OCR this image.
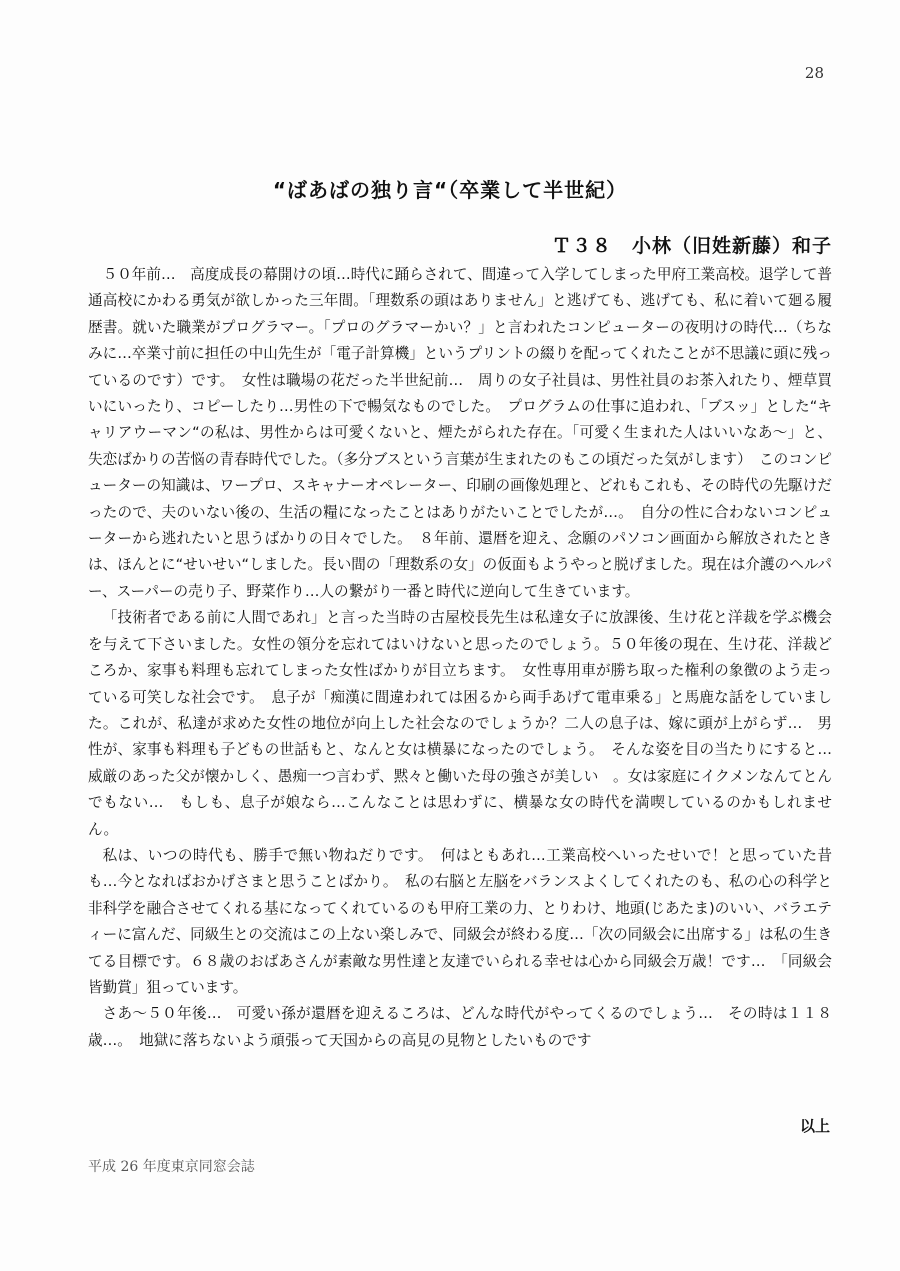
28
“ばあばの独り言“（卒業して半世紀）
Ｔ３８　小林（旧姓新藤）和子

５０年前…　高度成長の幕開けの頃…時代に踊らされて、間違って入学してしまった甲府工業高校。退学して普通高校にかわる勇気が欲しかった三年間。「理数系の頭はありません」と逃げても、逃げても、私に着いて廻る履歴書。就いた職業がプログラマー。「プロのグラマーかい？」と言われたコンピューターの夜明けの時代…（ちなみに…卒業寸前に担任の中山先生が「電子計算機」というプリントの綴りを配ってくれたことが不思議に頭に残っているのです）です。　女性は職場の花だった半世紀前…　周りの女子社員は、男性社員のお茶入れたり、煙草買いにいったり、コピーしたり…男性の下で暢気なものでした。　プログラムの仕事に追われ、「ブスッ」とした“キャリアウーマン“の私は、男性からは可愛くないと、煙たがられた存在。「可愛く生まれた人はいいなあ～」と、失恋ばかりの苦悩の青春時代でした。（多分ブスという言葉が生まれたのもこの頃だった気がします）　このコンピューターの知識は、ワープロ、スキャナーオペレーター、印刷の画像処理と、どれもこれも、その時代の先駆けだったので、夫のいない後の、生活の糧になったことはありがたいことでしたが…。　自分の性に合わないコンピューターから逃れたいと思うばかりの日々でした。　８年前、還暦を迎え、念願のパソコン画面から解放されたときは、ほんとに“せいせい“しました。長い間の「理数系の女」の仮面もようやっと脱げました。現在は介護のヘルパー、スーパーの売り子、野菜作り…人の繋がり一番と時代に逆向して生きています。

「技術者である前に人間であれ」と言った当時の古屋校長先生は私達女子に放課後、生け花と洋裁を学ぶ機会を与えて下さいました。女性の領分を忘れてはいけないと思ったのでしょう。５０年後の現在、生け花、洋裁どころか、家事も料理も忘れてしまった女性ばかりが目立ちます。　女性専用車が勝ち取った権利の象徴のよう走っている可笑しな社会です。　息子が「痴漢に間違われては困るから両手あげて電車乗る」と馬鹿な話をしていました。これが、私達が求めた女性の地位が向上した社会なのでしょうか？二人の息子は、嫁に頭が上がらず…　男性が、家事も料理も子どもの世話もと、なんと女は横暴になったのでしょう。　そんな姿を目の当たりにすると…　威厳のあった父が懐かしく、愚痴一つ言わず、黙々と働いた母の強さが美しい　。女は家庭にイクメンなんてとんでもない…　もしも、息子が娘なら…こんなことは思わずに、横暴な女の時代を満喫しているのかもしれません。

私は、いつの時代も、勝手で無い物ねだりです。　何はともあれ…工業高校へいったせいで！と思っていた昔も…今となればおかげさまと思うことばかり。　私の右脳と左脳をバランスよくしてくれたのも、私の心の科学と非科学を融合させてくれる基になってくれているのも甲府工業の力、とりわけ、地頭(じあたま)のいい、バラエティーに富んだ、同級生との交流はこの上ない楽しみで、同級会が終わる度…「次の同級会に出席する」は私の生きてる目標です。６８歳のおばあさんが素敵な男性達と友達でいられる幸せは心から同級会万歳！です…　「同級会皆勤賞」狙っています。

さあ～５０年後…　可愛い孫が還暦を迎えるころは、どんな時代がやってくるのでしょう…　その時は１１８歳…。　地獄に落ちないよう頑張って天国からの高見の見物としたいものです

以上
平成 26 年度東京同窓会誌
